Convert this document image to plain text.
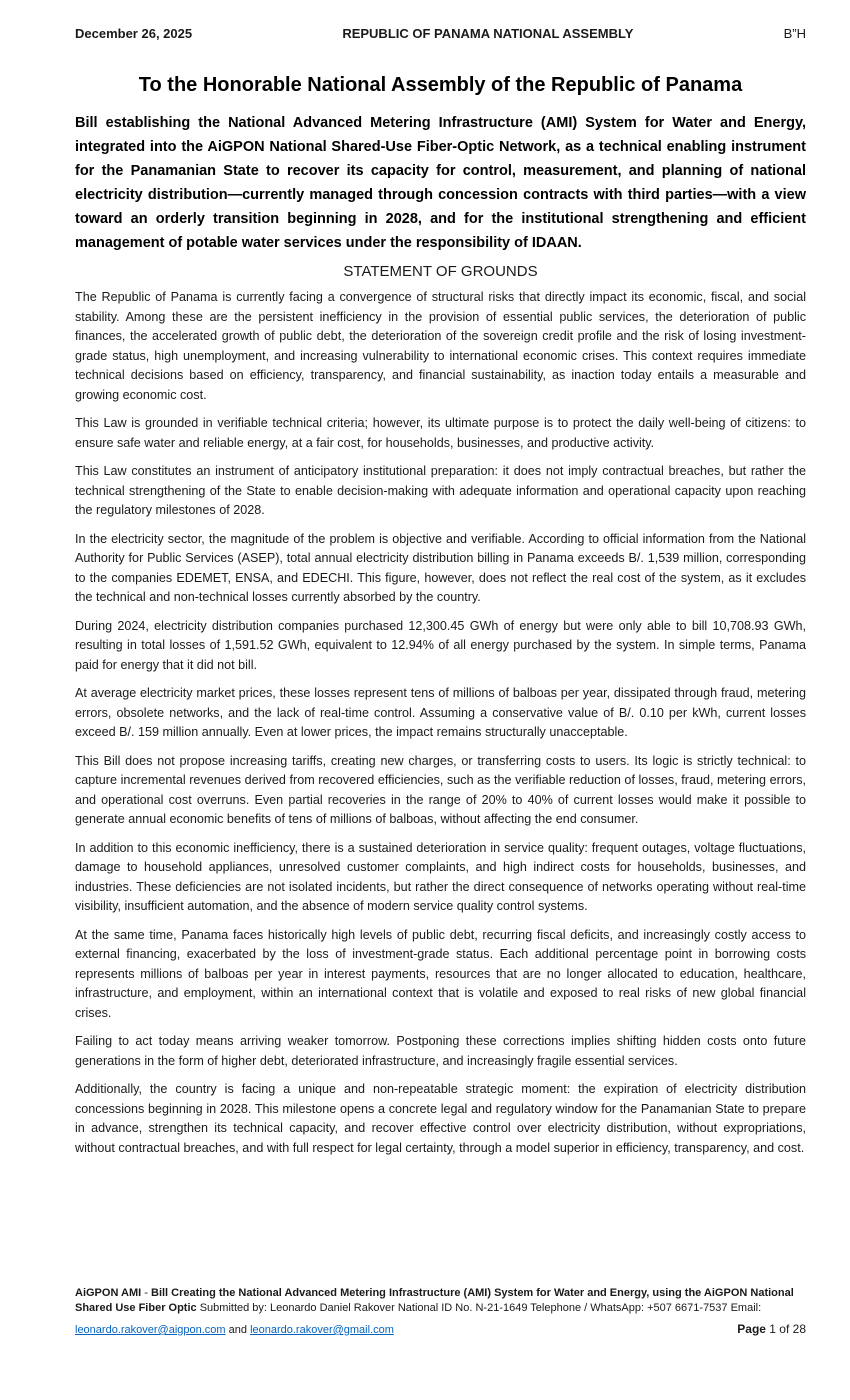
December 26, 2025	REPUBLIC OF PANAMA NATIONAL ASSEMBLY	B”H
To the Honorable National Assembly of the Republic of Panama

Bill establishing the National Advanced Metering Infrastructure (AMI) System for Water and Energy, integrated into the AiGPON National Shared-Use Fiber-Optic Network, as a technical enabling instrument for the Panamanian State to recover its capacity for control, measurement, and planning of national electricity distribution—currently managed through concession contracts with third parties—with a view toward an orderly transition beginning in 2028, and for the institutional strengthening and efficient management of potable water services under the responsibility of IDAAN.

STATEMENT OF GROUNDS

The Republic of Panama is currently facing a convergence of structural risks that directly impact its economic, fiscal, and social stability. Among these are the persistent inefficiency in the provision of essential public services, the deterioration of public finances, the accelerated growth of public debt, the deterioration of the sovereign credit profile and the risk of losing investment-grade status, high unemployment, and increasing vulnerability to international economic crises. This context requires immediate technical decisions based on efficiency, transparency, and financial sustainability, as inaction today entails a measurable and growing economic cost.

This Law is grounded in verifiable technical criteria; however, its ultimate purpose is to protect the daily well-being of citizens: to ensure safe water and reliable energy, at a fair cost, for households, businesses, and productive activity.

This Law constitutes an instrument of anticipatory institutional preparation: it does not imply contractual breaches, but rather the technical strengthening of the State to enable decision-making with adequate information and operational capacity upon reaching the regulatory milestones of 2028.

In the electricity sector, the magnitude of the problem is objective and verifiable. According to official information from the National Authority for Public Services (ASEP), total annual electricity distribution billing in Panama exceeds B/. 1,539 million, corresponding to the companies EDEMET, ENSA, and EDECHI. This figure, however, does not reflect the real cost of the system, as it excludes the technical and non-technical losses currently absorbed by the country.

During 2024, electricity distribution companies purchased 12,300.45 GWh of energy but were only able to bill 10,708.93 GWh, resulting in total losses of 1,591.52 GWh, equivalent to 12.94% of all energy purchased by the system. In simple terms, Panama paid for energy that it did not bill.

At average electricity market prices, these losses represent tens of millions of balboas per year, dissipated through fraud, metering errors, obsolete networks, and the lack of real-time control. Assuming a conservative value of B/. 0.10 per kWh, current losses exceed B/. 159 million annually. Even at lower prices, the impact remains structurally unacceptable.

This Bill does not propose increasing tariffs, creating new charges, or transferring costs to users. Its logic is strictly technical: to capture incremental revenues derived from recovered efficiencies, such as the verifiable reduction of losses, fraud, metering errors, and operational cost overruns. Even partial recoveries in the range of 20% to 40% of current losses would make it possible to generate annual economic benefits of tens of millions of balboas, without affecting the end consumer.

In addition to this economic inefficiency, there is a sustained deterioration in service quality: frequent outages, voltage fluctuations, damage to household appliances, unresolved customer complaints, and high indirect costs for households, businesses, and industries. These deficiencies are not isolated incidents, but rather the direct consequence of networks operating without real-time visibility, insufficient automation, and the absence of modern service quality control systems.

At the same time, Panama faces historically high levels of public debt, recurring fiscal deficits, and increasingly costly access to external financing, exacerbated by the loss of investment-grade status. Each additional percentage point in borrowing costs represents millions of balboas per year in interest payments, resources that are no longer allocated to education, healthcare, infrastructure, and employment, within an international context that is volatile and exposed to real risks of new global financial crises.

Failing to act today means arriving weaker tomorrow. Postponing these corrections implies shifting hidden costs onto future generations in the form of higher debt, deteriorated infrastructure, and increasingly fragile essential services.

Additionally, the country is facing a unique and non-repeatable strategic moment: the expiration of electricity distribution concessions beginning in 2028. This milestone opens a concrete legal and regulatory window for the Panamanian State to prepare in advance, strengthen its technical capacity, and recover effective control over electricity distribution, without expropriations, without contractual breaches, and with full respect for legal certainty, through a model superior in efficiency, transparency, and cost.

AiGPON AMI - Bill Creating the National Advanced Metering Infrastructure (AMI) System for Water and Energy, using the AiGPON National Shared Use Fiber Optic Submitted by: Leonardo Daniel Rakover National ID No. N-21-1649 Telephone / WhatsApp: +507 6671-7537 Email:
leonardo.rakover@aigpon.com and leonardo.rakover@gmail.com	Page 1 of 28
